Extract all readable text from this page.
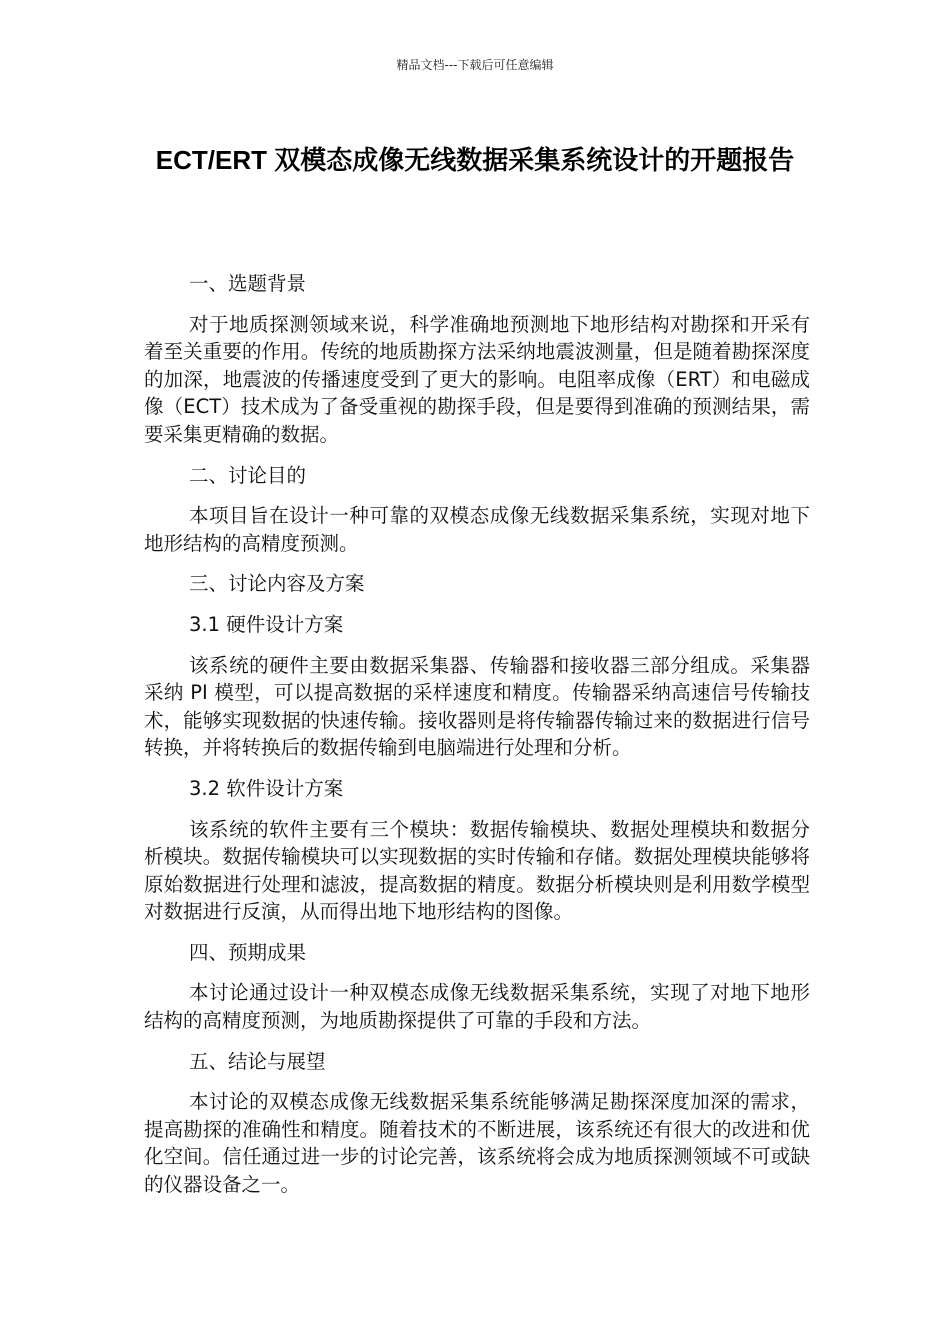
精品文档---下载后可任意编辑
ECT/ERT 双模态成像无线数据采集系统设计的开题报告

一、选题背景

对于地质探测领域来说，科学准确地预测地下地形结构对勘探和开采有着至关重要的作用。传统的地质勘探方法采纳地震波测量，但是随着勘探深度的加深，地震波的传播速度受到了更大的影响。电阻率成像（ERT）和电磁成像（ECT）技术成为了备受重视的勘探手段，但是要得到准确的预测结果，需要采集更精确的数据。

二、讨论目的

本项目旨在设计一种可靠的双模态成像无线数据采集系统，实现对地下地形结构的高精度预测。

三、讨论内容及方案

3.1 硬件设计方案

该系统的硬件主要由数据采集器、传输器和接收器三部分组成。采集器采纳 PI 模型，可以提高数据的采样速度和精度。传输器采纳高速信号传输技术，能够实现数据的快速传输。接收器则是将传输器传输过来的数据进行信号转换，并将转换后的数据传输到电脑端进行处理和分析。

3.2 软件设计方案

该系统的软件主要有三个模块：数据传输模块、数据处理模块和数据分析模块。数据传输模块可以实现数据的实时传输和存储。数据处理模块能够将原始数据进行处理和滤波，提高数据的精度。数据分析模块则是利用数学模型对数据进行反演，从而得出地下地形结构的图像。

四、预期成果

本讨论通过设计一种双模态成像无线数据采集系统，实现了对地下地形结构的高精度预测，为地质勘探提供了可靠的手段和方法。

五、结论与展望

本讨论的双模态成像无线数据采集系统能够满足勘探深度加深的需求，提高勘探的准确性和精度。随着技术的不断进展，该系统还有很大的改进和优化空间。信任通过进一步的讨论完善，该系统将会成为地质探测领域不可或缺的仪器设备之一。
